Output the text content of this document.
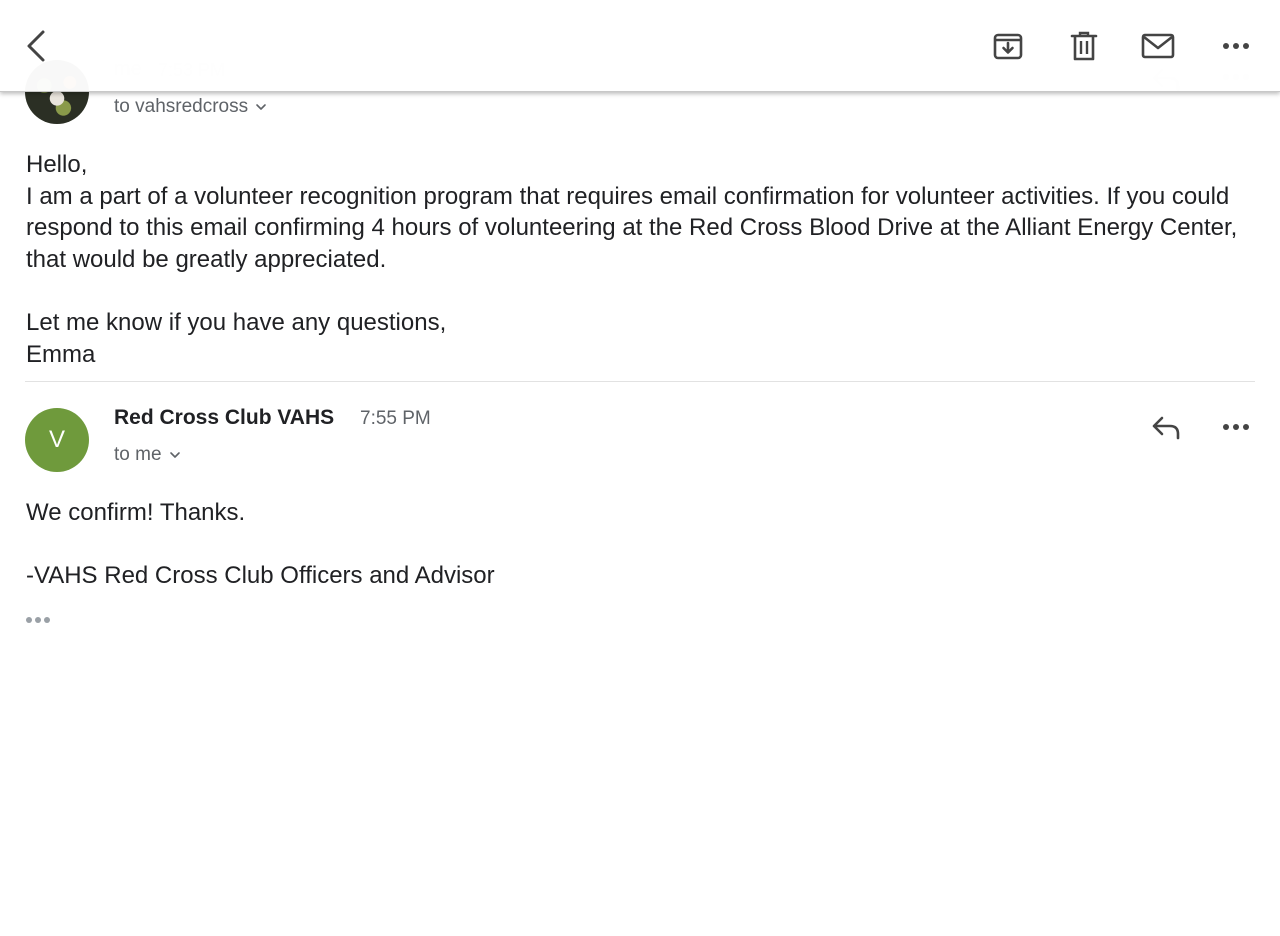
to vahsredcross
Hello,
I am a part of a volunteer recognition program that requires email confirmation for volunteer activities. If you could respond to this email confirming 4 hours of volunteering at the Red Cross Blood Drive at the Alliant Energy Center, that would be greatly appreciated.

Let me know if you have any questions,
Emma
V
Red Cross Club VAHS 7:55 PM
to me
We confirm! Thanks.

-VAHS Red Cross Club Officers and Advisor
